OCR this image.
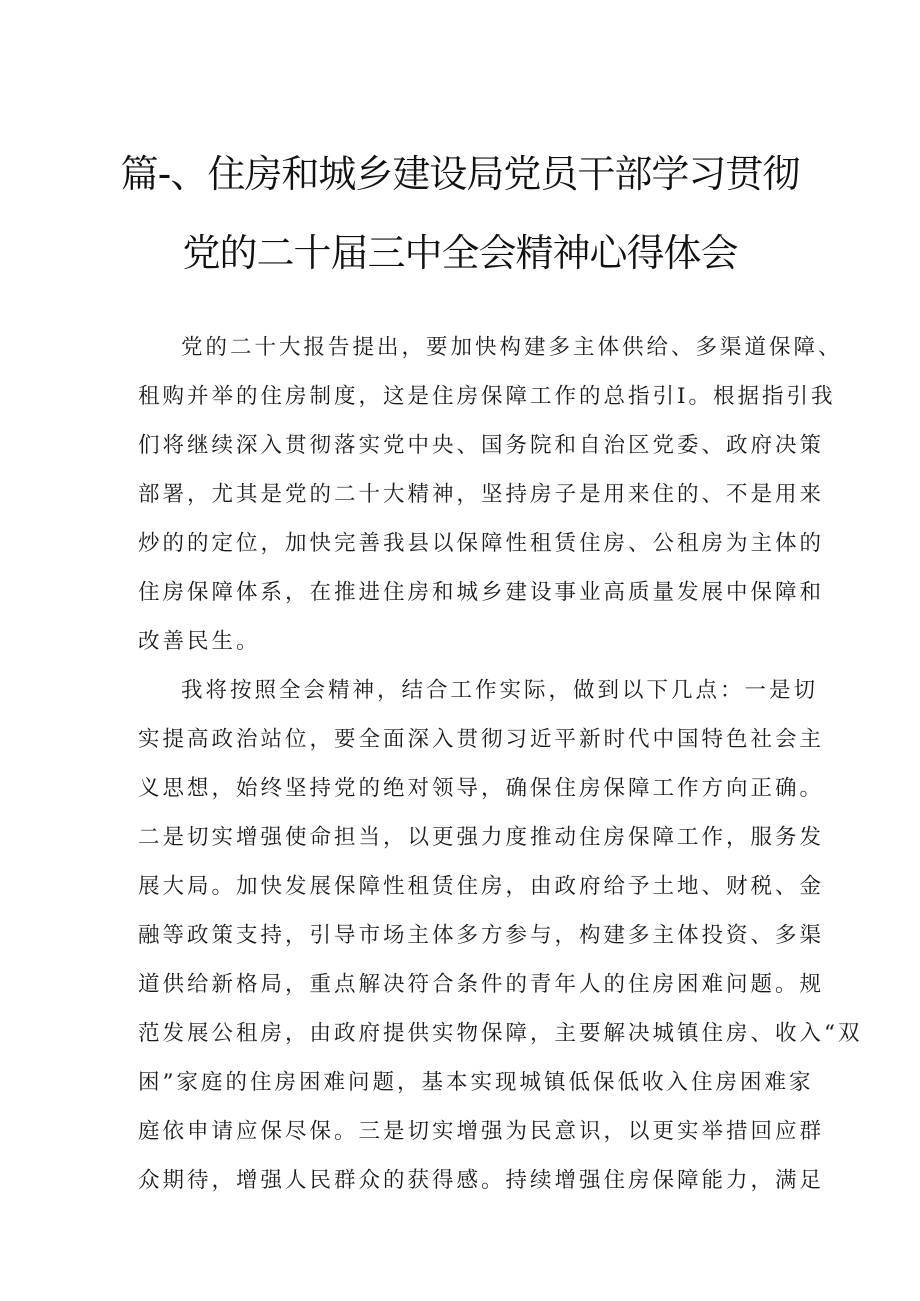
篇-、住房和城乡建设局党员干部学习贯彻
党的二十届三中全会精神心得体会
党的二十大报告提出，要加快构建多主体供给、多渠道保障、
租购并举的住房制度，这是住房保障工作的总指引I。根据指引我
们将继续深入贯彻落实党中央、国务院和自治区党委、政府决策
部署，尤其是党的二十大精神，坚持房子是用来住的、不是用来
炒的的定位，加快完善我县以保障性租赁住房、公租房为主体的
住房保障体系，在推进住房和城乡建设事业高质量发展中保障和
改善民生。
我将按照全会精神，结合工作实际，做到以下几点：一是切
实提高政治站位，要全面深入贯彻习近平新时代中国特色社会主
义思想，始终坚持党的绝对领导，确保住房保障工作方向正确。
二是切实增强使命担当，以更强力度推动住房保障工作，服务发
展大局。加快发展保障性租赁住房，由政府给予土地、财税、金
融等政策支持，引导市场主体多方参与，构建多主体投资、多渠
道供给新格局，重点解决符合条件的青年人的住房困难问题。规
范发展公租房，由政府提供实物保障，主要解决城镇住房、收入“双
困”家庭的住房困难问题，基本实现城镇低保低收入住房困难家
庭依申请应保尽保。三是切实增强为民意识，以更实举措回应群
众期待，增强人民群众的获得感。持续增强住房保障能力，满足
